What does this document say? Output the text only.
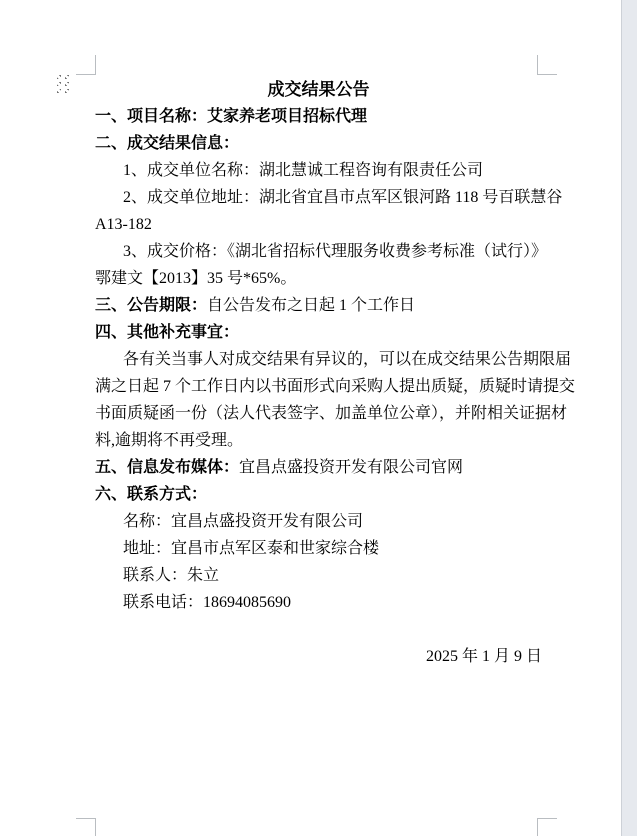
成交结果公告
一、项目名称：艾家养老项目招标代理
二、成交结果信息：
1、成交单位名称：湖北慧诚工程咨询有限责任公司
2、成交单位地址：湖北省宜昌市点军区银河路 118 号百联慧谷
A13-182
3、成交价格：《湖北省招标代理服务收费参考标准（试行）》
鄂建文【2013】35 号*65%。
三、公告期限：自公告发布之日起 1 个工作日
四、其他补充事宜：
各有关当事人对成交结果有异议的，可以在成交结果公告期限届
满之日起 7 个工作日内以书面形式向采购人提出质疑，质疑时请提交
书面质疑函一份（法人代表签字、加盖单位公章），并附相关证据材
料,逾期将不再受理。
五、信息发布媒体：宜昌点盛投资开发有限公司官网
六、联系方式：
名称：宜昌点盛投资开发有限公司
地址：宜昌市点军区泰和世家综合楼
联系人：朱立
联系电话：18694085690
2025 年 1 月 9 日
